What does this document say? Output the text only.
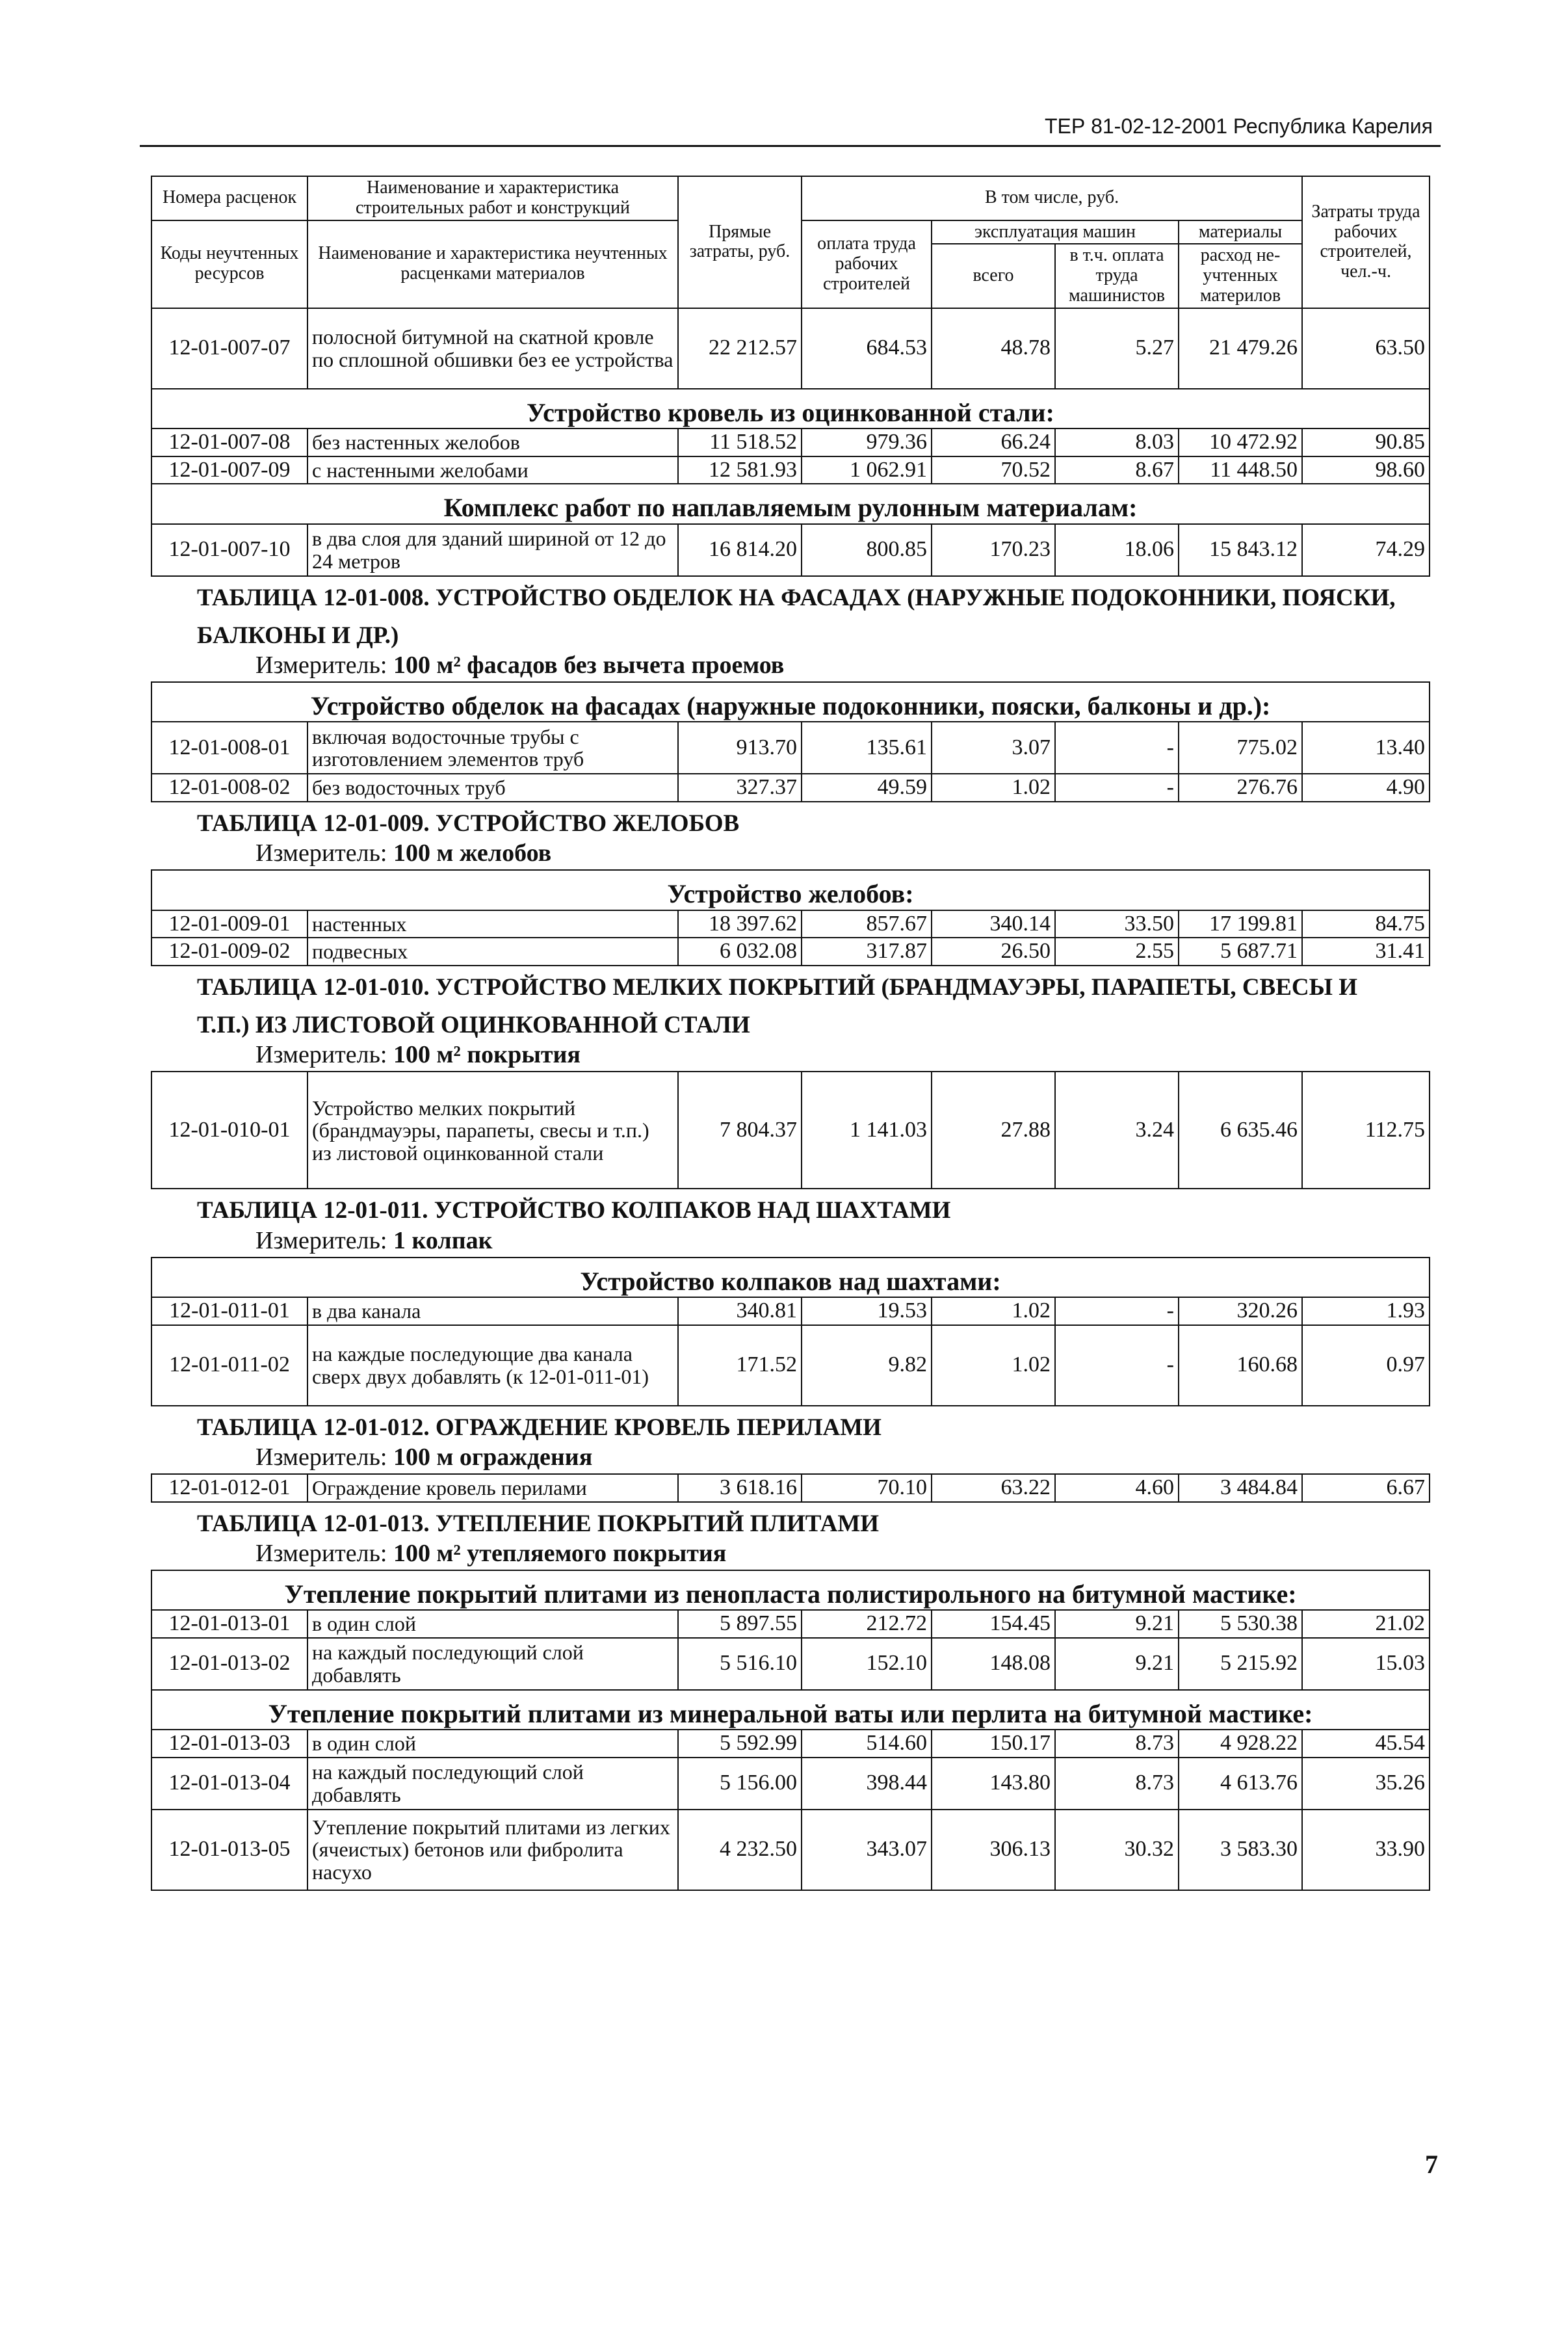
ТЕР 81-02-12-2001 Республика Карелия
Номера расценок	Наименование и характеристика строительных работ и конструкций	Прямые затраты, руб.	В том числе, руб.				Затраты труда рабочих строителей, чел.-ч.
Коды неучтенных ресурсов	Наименование и характеристика неучтенных расценками материалов		оплата труда рабочих строителей	эксплуатация машин		материалы	
				всего	в т.ч. оплата труда машинистов	расход не-учтенных материлов	
12-01-007-07	полосной битумной на скатной кровле по сплошной обшивки без ее устройства	22 212.57	684.53	48.78	5.27	21 479.26	63.50
Устройство кровель из оцинкованной стали:							
12-01-007-08	без настенных желобов	11 518.52	979.36	66.24	8.03	10 472.92	90.85
12-01-007-09	с настенными желобами	12 581.93	1 062.91	70.52	8.67	11 448.50	98.60
Комплекс работ по наплавляемым рулонным материалам:							
12-01-007-10	в два слоя для зданий шириной от 12 до 24 метров	16 814.20	800.85	170.23	18.06	15 843.12	74.29

ТАБЛИЦА 12-01-008. УСТРОЙСТВО ОБДЕЛОК НА ФАСАДАХ (НАРУЖНЫЕ ПОДОКОННИКИ, ПОЯСКИ,							

БАЛКОНЫ И ДР.)							

Измеритель: 100 м² фасадов без вычета проемов							
Устройство обделок на фасадах (наружные подоконники, пояски, балконы и др.):							
12-01-008-01	включая водосточные трубы с изготовлением элементов труб	913.70	135.61	3.07	-	775.02	13.40
12-01-008-02	без водосточных труб	327.37	49.59	1.02	-	276.76	4.90

ТАБЛИЦА 12-01-009. УСТРОЙСТВО ЖЕЛОБОВ							

Измеритель: 100 м желобов							
Устройство желобов:							
12-01-009-01	настенных	18 397.62	857.67	340.14	33.50	17 199.81	84.75
12-01-009-02	подвесных	6 032.08	317.87	26.50	2.55	5 687.71	31.41

ТАБЛИЦА 12-01-010. УСТРОЙСТВО МЕЛКИХ ПОКРЫТИЙ (БРАНДМАУЭРЫ, ПАРАПЕТЫ, СВЕСЫ И							

Т.П.) ИЗ ЛИСТОВОЙ ОЦИНКОВАННОЙ СТАЛИ							

Измеритель: 100 м² покрытия							
12-01-010-01	Устройство мелких покрытий (брандмауэры, парапеты, свесы и т.п.) из листовой оцинкованной стали	7 804.37	1 141.03	27.88	3.24	6 635.46	112.75

ТАБЛИЦА 12-01-011. УСТРОЙСТВО КОЛПАКОВ НАД ШАХТАМИ							

Измеритель: 1 колпак							
Устройство колпаков над шахтами:							
12-01-011-01	в два канала	340.81	19.53	1.02	-	320.26	1.93
12-01-011-02	на каждые последующие два канала сверх двух добавлять (к 12-01-011-01)	171.52	9.82	1.02	-	160.68	0.97

ТАБЛИЦА 12-01-012. ОГРАЖДЕНИЕ КРОВЕЛЬ ПЕРИЛАМИ							

Измеритель: 100 м ограждения							
12-01-012-01	Ограждение кровель перилами	3 618.16	70.10	63.22	4.60	3 484.84	6.67

ТАБЛИЦА 12-01-013. УТЕПЛЕНИЕ ПОКРЫТИЙ ПЛИТАМИ							

Измеритель: 100 м² утепляемого покрытия							
Утепление покрытий плитами из пенопласта полистирольного на битумной мастике:							
12-01-013-01	в один слой	5 897.55	212.72	154.45	9.21	5 530.38	21.02
12-01-013-02	на каждый последующий слой добавлять	5 516.10	152.10	148.08	9.21	5 215.92	15.03
Утепление покрытий плитами из минеральной ваты или перлита на битумной мастике:							
12-01-013-03	в один слой	5 592.99	514.60	150.17	8.73	4 928.22	45.54
12-01-013-04	на каждый последующий слой добавлять	5 156.00	398.44	143.80	8.73	4 613.76	35.26
12-01-013-05	Утепление покрытий плитами из легких (ячеистых) бетонов или фибролита насухо	4 232.50	343.07	306.13	30.32	3 583.30	33.90
7
